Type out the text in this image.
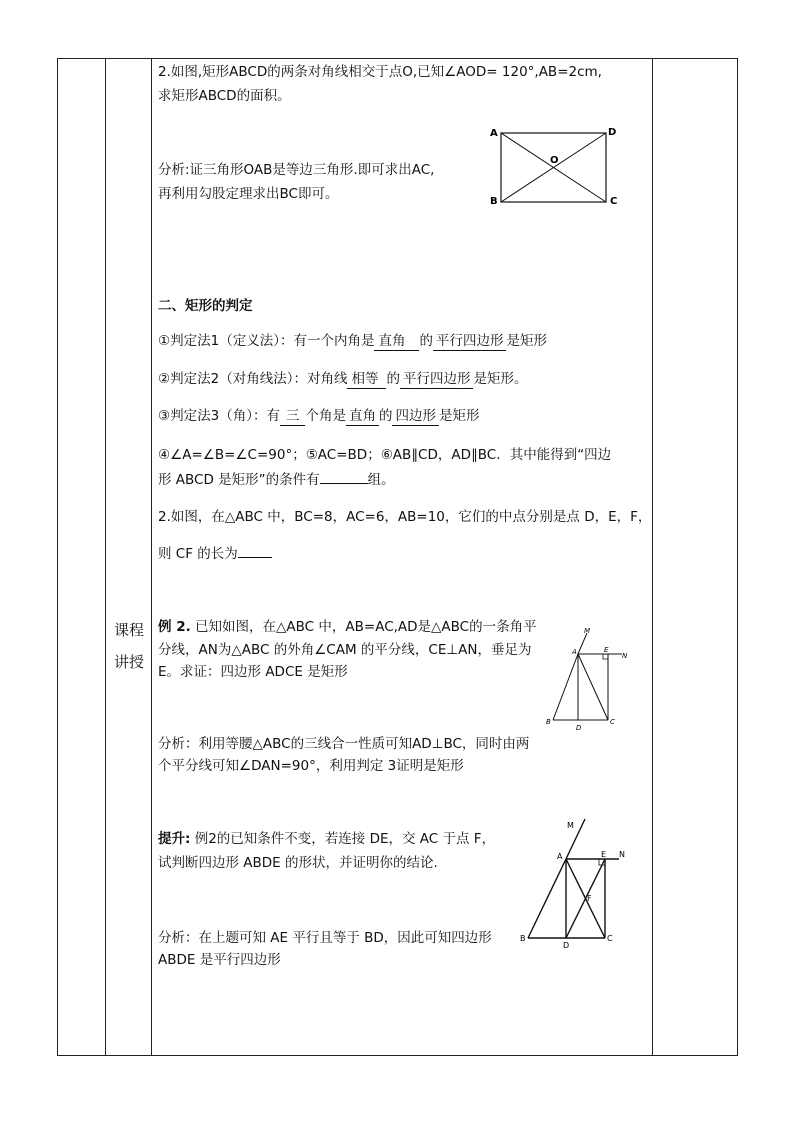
课程
讲授
2.如图,矩形ABCD的两条对角线相交于点O,已知∠AOD= 120°,AB=2cm,
求矩形ABCD的面积。
分析:证三角形OAB是等边三角形.即可求出AC,
再利用勾股定理求出BC即可。
A	D
O
B	C
二、矩形的判定
①判定法1（定义法）：有一个内角是 直角 的 平行四边形 是矩形
②判定法2（对角线法）：对角线 相等 的 平行四边形 是矩形。
③判定法3（角）：有 三 个角是 直角 的 四边形 是矩形
④∠A=∠B=∠C=90°；⑤AC=BD；⑥AB∥CD，AD∥BC．其中能得到“四边
形 ABCD 是矩形”的条件有	组。
2.如图，在△ABC 中，BC=8，AC=6，AB=10，它们的中点分别是点 D，E，F，
则 CF 的长为
例 2. 已知如图，在△ABC 中，AB=AC,AD是△ABC的一条角平
分线，AN为△ABC 的外角∠CAM 的平分线，CE⊥AN，垂足为
E。求证：四边形 ADCE 是矩形
分析：利用等腰△ABC的三线合一性质可知AD⊥BC，同时由两
个平分线可知∠DAN=90°，利用判定 3证明是矩形
M
A	E
N
B
D
C
提升: 例2的已知条件不变，若连接 DE，交 AC 于点 F，
试判断四边形 ABDE 的形状，并证明你的结论.
分析：在上题可知 AE 平行且等于 BD，因此可知四边形
ABDE 是平行四边形
M
A	E N
F
B
D
C
